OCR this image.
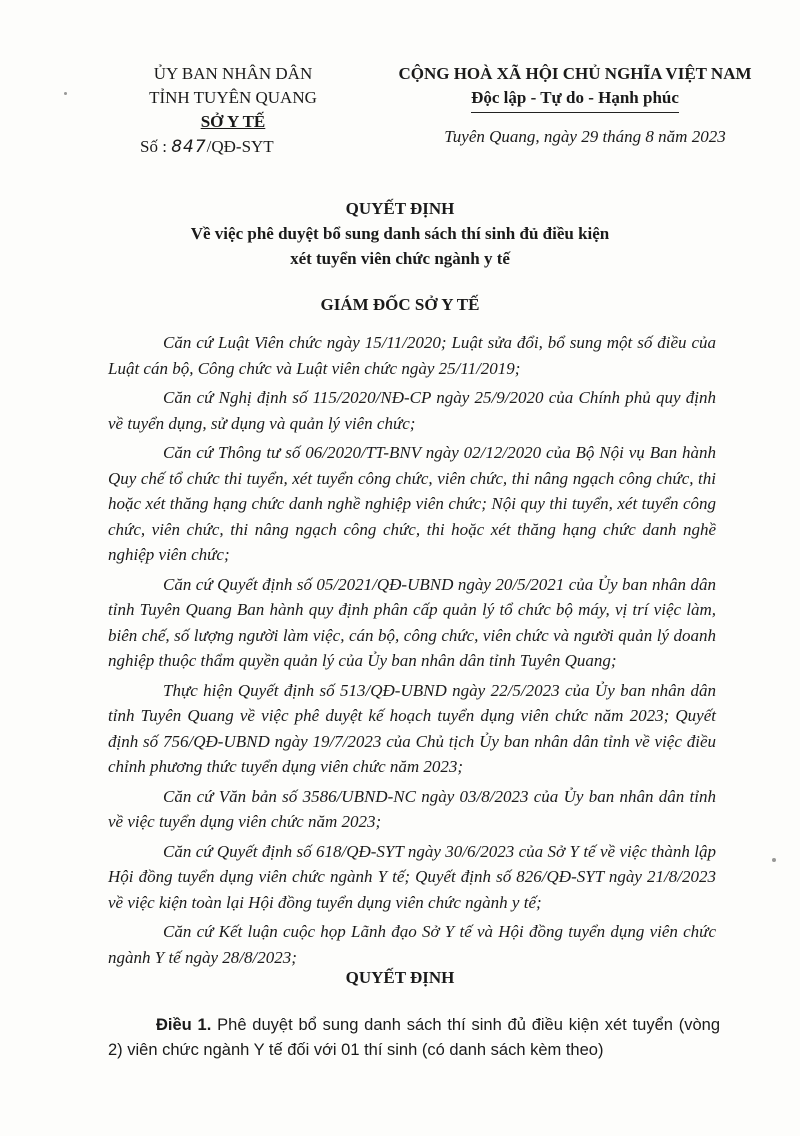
ỦY BAN NHÂN DÂN
TỈNH TUYÊN QUANG
SỞ Y TẾ
Số : 847/QĐ-SYT
CỘNG HOÀ XÃ HỘI CHỦ NGHĨA VIỆT NAM
Độc lập - Tự do - Hạnh phúc
Tuyên Quang, ngày 29 tháng 8 năm 2023
QUYẾT ĐỊNH
Về việc phê duyệt bổ sung danh sách thí sinh đủ điều kiện
xét tuyển viên chức ngành y tế
GIÁM ĐỐC SỞ Y TẾ

Căn cứ Luật Viên chức ngày 15/11/2020; Luật sửa đổi, bổ sung một số điều của Luật cán bộ, Công chức và Luật viên chức ngày 25/11/2019;

Căn cứ Nghị định số 115/2020/NĐ-CP ngày 25/9/2020 của Chính phủ quy định về tuyển dụng, sử dụng và quản lý viên chức;

Căn cứ Thông tư số 06/2020/TT-BNV ngày 02/12/2020 của Bộ Nội vụ Ban hành Quy chế tổ chức thi tuyển, xét tuyển công chức, viên chức, thi nâng ngạch công chức, thi hoặc xét thăng hạng chức danh nghề nghiệp viên chức; Nội quy thi tuyển, xét tuyển công chức, viên chức, thi nâng ngạch công chức, thi hoặc xét thăng hạng chức danh nghề nghiệp viên chức;

Căn cứ Quyết định số 05/2021/QĐ-UBND ngày 20/5/2021 của Ủy ban nhân dân tỉnh Tuyên Quang Ban hành quy định phân cấp quản lý tổ chức bộ máy, vị trí việc làm, biên chế, số lượng người làm việc, cán bộ, công chức, viên chức và người quản lý doanh nghiệp thuộc thẩm quyền quản lý của Ủy ban nhân dân tỉnh Tuyên Quang;

Thực hiện Quyết định số 513/QĐ-UBND ngày 22/5/2023 của Ủy ban nhân dân tỉnh Tuyên Quang về việc phê duyệt kế hoạch tuyển dụng viên chức năm 2023; Quyết định số 756/QĐ-UBND ngày 19/7/2023 của Chủ tịch Ủy ban nhân dân tỉnh về việc điều chỉnh phương thức tuyển dụng viên chức năm 2023;

Căn cứ Văn bản số 3586/UBND-NC ngày 03/8/2023 của Ủy ban nhân dân tỉnh về việc tuyển dụng viên chức năm 2023;

Căn cứ Quyết định số 618/QĐ-SYT ngày 30/6/2023 của Sở Y tế về việc thành lập Hội đồng tuyển dụng viên chức ngành Y tế; Quyết định số 826/QĐ-SYT ngày 21/8/2023 về việc kiện toàn lại Hội đồng tuyển dụng viên chức ngành y tế;

Căn cứ Kết luận cuộc họp Lãnh đạo Sở Y tế và Hội đồng tuyển dụng viên chức ngành Y tế ngày 28/8/2023;

QUYẾT ĐỊNH

Điều 1. Phê duyệt bổ sung danh sách thí sinh đủ điều kiện xét tuyển (vòng 2) viên chức ngành Y tế đối với 01 thí sinh (có danh sách kèm theo)
